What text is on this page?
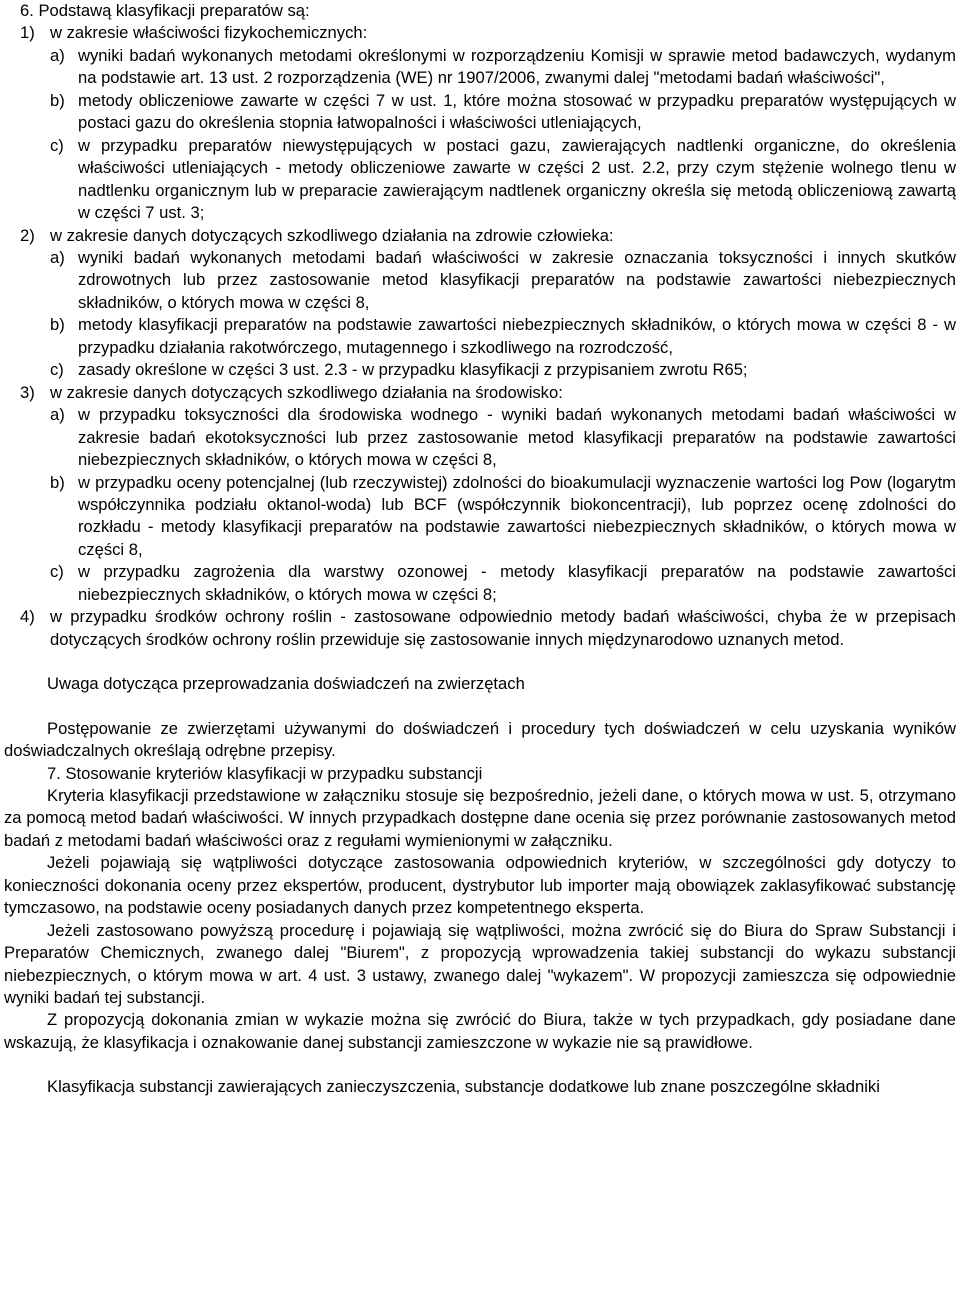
6. Podstawą klasyfikacji preparatów są:
1) w zakresie właściwości fizykochemicznych:
a) wyniki badań wykonanych metodami określonymi w rozporządzeniu Komisji w sprawie metod badawczych, wydanym na podstawie art. 13 ust. 2 rozporządzenia (WE) nr 1907/2006, zwanymi dalej "metodami badań właściwości",
b) metody obliczeniowe zawarte w części 7 w ust. 1, które można stosować w przypadku preparatów występujących w postaci gazu do określenia stopnia łatwopalności i właściwości utleniających,
c) w przypadku preparatów niewystępujących w postaci gazu, zawierających nadtlenki organiczne, do określenia właściwości utleniających - metody obliczeniowe zawarte w części 2 ust. 2.2, przy czym stężenie wolnego tlenu w nadtlenku organicznym lub w preparacie zawierającym nadtlenek organiczny określa się metodą obliczeniową zawartą w części 7 ust. 3;
2) w zakresie danych dotyczących szkodliwego działania na zdrowie człowieka:
a) wyniki badań wykonanych metodami badań właściwości w zakresie oznaczania toksyczności i innych skutków zdrowotnych lub przez zastosowanie metod klasyfikacji preparatów na podstawie zawartości niebezpiecznych składników, o których mowa w części 8,
b) metody klasyfikacji preparatów na podstawie zawartości niebezpiecznych składników, o których mowa w części 8 - w przypadku działania rakotwórczego, mutagennego i szkodliwego na rozrodczość,
c) zasady określone w części 3 ust. 2.3 - w przypadku klasyfikacji z przypisaniem zwrotu R65;
3) w zakresie danych dotyczących szkodliwego działania na środowisko:
a) w przypadku toksyczności dla środowiska wodnego - wyniki badań wykonanych metodami badań właściwości w zakresie badań ekotoksyczności lub przez zastosowanie metod klasyfikacji preparatów na podstawie zawartości niebezpiecznych składników, o których mowa w części 8,
b) w przypadku oceny potencjalnej (lub rzeczywistej) zdolności do bioakumulacji wyznaczenie wartości log Pow (logarytm współczynnika podziału oktanol-woda) lub BCF (współczynnik biokoncentracji), lub poprzez ocenę zdolności do rozkładu - metody klasyfikacji preparatów na podstawie zawartości niebezpiecznych składników, o których mowa w części 8,
c) w przypadku zagrożenia dla warstwy ozonowej - metody klasyfikacji preparatów na podstawie zawartości niebezpiecznych składników, o których mowa w części 8;
4) w przypadku środków ochrony roślin - zastosowane odpowiednio metody badań właściwości, chyba że w przepisach dotyczących środków ochrony roślin przewiduje się zastosowanie innych międzynarodowo uznanych metod.
Uwaga dotycząca przeprowadzania doświadczeń na zwierzętach
Postępowanie ze zwierzętami używanymi do doświadczeń i procedury tych doświadczeń w celu uzyskania wyników doświadczalnych określają odrębne przepisy.
7. Stosowanie kryteriów klasyfikacji w przypadku substancji
Kryteria klasyfikacji przedstawione w załączniku stosuje się bezpośrednio, jeżeli dane, o których mowa w ust. 5, otrzymano za pomocą metod badań właściwości. W innych przypadkach dostępne dane ocenia się przez porównanie zastosowanych metod badań z metodami badań właściwości oraz z regułami wymienionymi w załączniku.
Jeżeli pojawiają się wątpliwości dotyczące zastosowania odpowiednich kryteriów, w szczególności gdy dotyczy to konieczności dokonania oceny przez ekspertów, producent, dystrybutor lub importer mają obowiązek zaklasyfikować substancję tymczasowo, na podstawie oceny posiadanych danych przez kompetentnego eksperta.
Jeżeli zastosowano powyższą procedurę i pojawiają się wątpliwości, można zwrócić się do Biura do Spraw Substancji i Preparatów Chemicznych, zwanego dalej "Biurem", z propozycją wprowadzenia takiej substancji do wykazu substancji niebezpiecznych, o którym mowa w art. 4 ust. 3 ustawy, zwanego dalej "wykazem". W propozycji zamieszcza się odpowiednie wyniki badań tej substancji.
Z propozycją dokonania zmian w wykazie można się zwrócić do Biura, także w tych przypadkach, gdy posiadane dane wskazują, że klasyfikacja i oznakowanie danej substancji zamieszczone w wykazie nie są prawidłowe.
Klasyfikacja substancji zawierających zanieczyszczenia, substancje dodatkowe lub znane poszczególne składniki
